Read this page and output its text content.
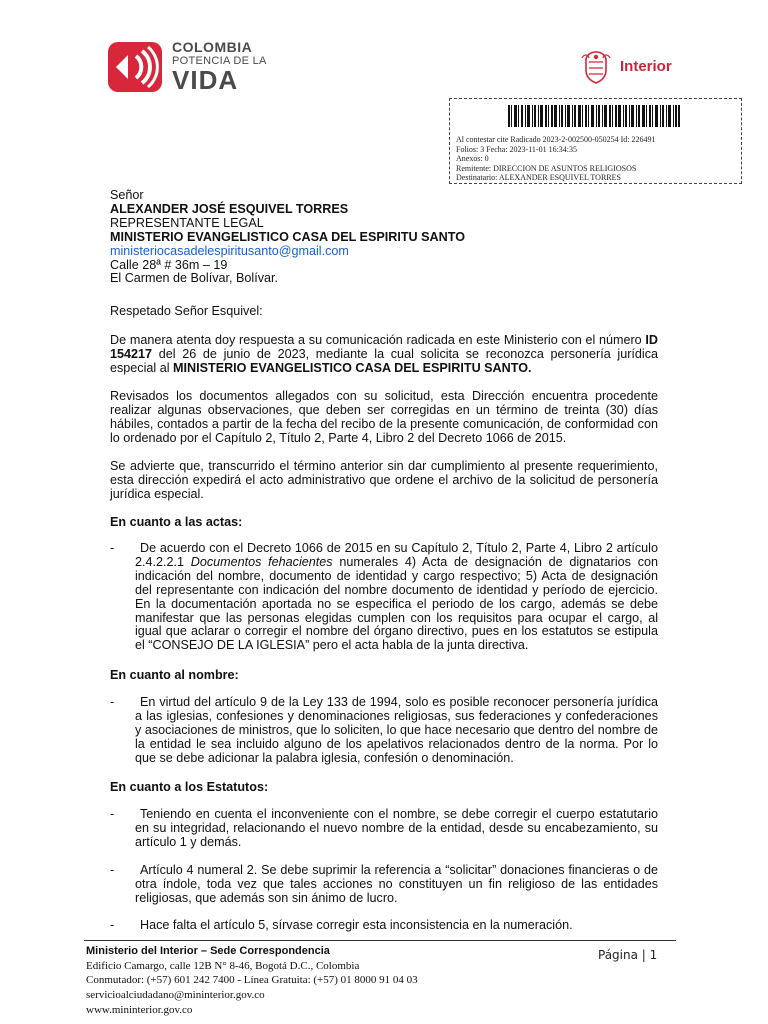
COLOMBIA
POTENCIA DE LA
VIDA	Interior
Al contestar cite Radicado 2023-2-002500-050254 Id: 226491
Folios: 3 Fecha: 2023-11-01 16:34:35
Anexos: 0
Remitente: DIRECCION DE ASUNTOS RELIGIOSOS
Destinatario: ALEXANDER ESQUIVEL TORRES
Señor
ALEXANDER JOSÉ ESQUIVEL TORRES
REPRESENTANTE LEGAL
MINISTERIO EVANGELISTICO CASA DEL ESPIRITU SANTO
ministeriocasadelespiritusanto@gmail.com
Calle 28ª # 36m – 19
El Carmen de Bolívar, Bolívar.
Respetado Señor Esquivel:
De manera atenta doy respuesta a su comunicación radicada en este Ministerio con el número ID 154217 del 26 de junio de 2023, mediante la cual solicita se reconozca personería jurídica especial al MINISTERIO EVANGELISTICO CASA DEL ESPIRITU SANTO.
Revisados los documentos allegados con su solicitud, esta Dirección encuentra procedente realizar algunas observaciones, que deben ser corregidas en un término de treinta (30) días hábiles, contados a partir de la fecha del recibo de la presente comunicación, de conformidad con lo ordenado por el Capítulo 2, Título 2, Parte 4, Libro 2 del Decreto 1066 de 2015.
Se advierte que, transcurrido el término anterior sin dar cumplimiento al presente requerimiento, esta dirección expedirá el acto administrativo que ordene el archivo de la solicitud de personería jurídica especial.
En cuanto a las actas:
-	De acuerdo con el Decreto 1066 de 2015 en su Capítulo 2, Título 2, Parte 4, Libro 2 artículo 2.4.2.2.1 Documentos fehacientes numerales 4) Acta de designación de dignatarios con indicación del nombre, documento de identidad y cargo respectivo; 5) Acta de designación del representante con indicación del nombre documento de identidad y período de ejercicio. En la documentación aportada no se especifica el periodo de los cargo, además se debe manifestar que las personas elegidas cumplen con los requisitos para ocupar el cargo, al igual que aclarar o corregir el nombre del órgano directivo, pues en los estatutos se estipula el “CONSEJO DE LA IGLESIA” pero el acta habla de la junta directiva.
En cuanto al nombre:
-	En virtud del artículo 9 de la Ley 133 de 1994, solo es posible reconocer personería jurídica a las iglesias, confesiones y denominaciones religiosas, sus federaciones y confederaciones y asociaciones de ministros, que lo soliciten, lo que hace necesario que dentro del nombre de la entidad le sea incluido alguno de los apelativos relacionados dentro de la norma. Por lo que se debe adicionar la palabra iglesia, confesión o denominación.
En cuanto a los Estatutos:
-	Teniendo en cuenta el inconveniente con el nombre, se debe corregir el cuerpo estatutario en su integridad, relacionando el nuevo nombre de la entidad, desde su encabezamiento, su artículo 1 y demás.
-	Artículo 4 numeral 2. Se debe suprimir la referencia a “solicitar” donaciones financieras o de otra índole, toda vez que tales acciones no constituyen un fin religioso de las entidades religiosas, que además son sin ánimo de lucro.
-	Hace falta el artículo 5, sírvase corregir esta inconsistencia en la numeración.
Ministerio del Interior – Sede Correspondencia
Edificio Camargo, calle 12B N° 8-46, Bogotá D.C., Colombia
Conmutador: (+57) 601 242 7400 - Línea Gratuita: (+57) 01 8000 91 04 03
servicioalciudadano@mininterior.gov.co
www.mininterior.gov.co
Página | 1
